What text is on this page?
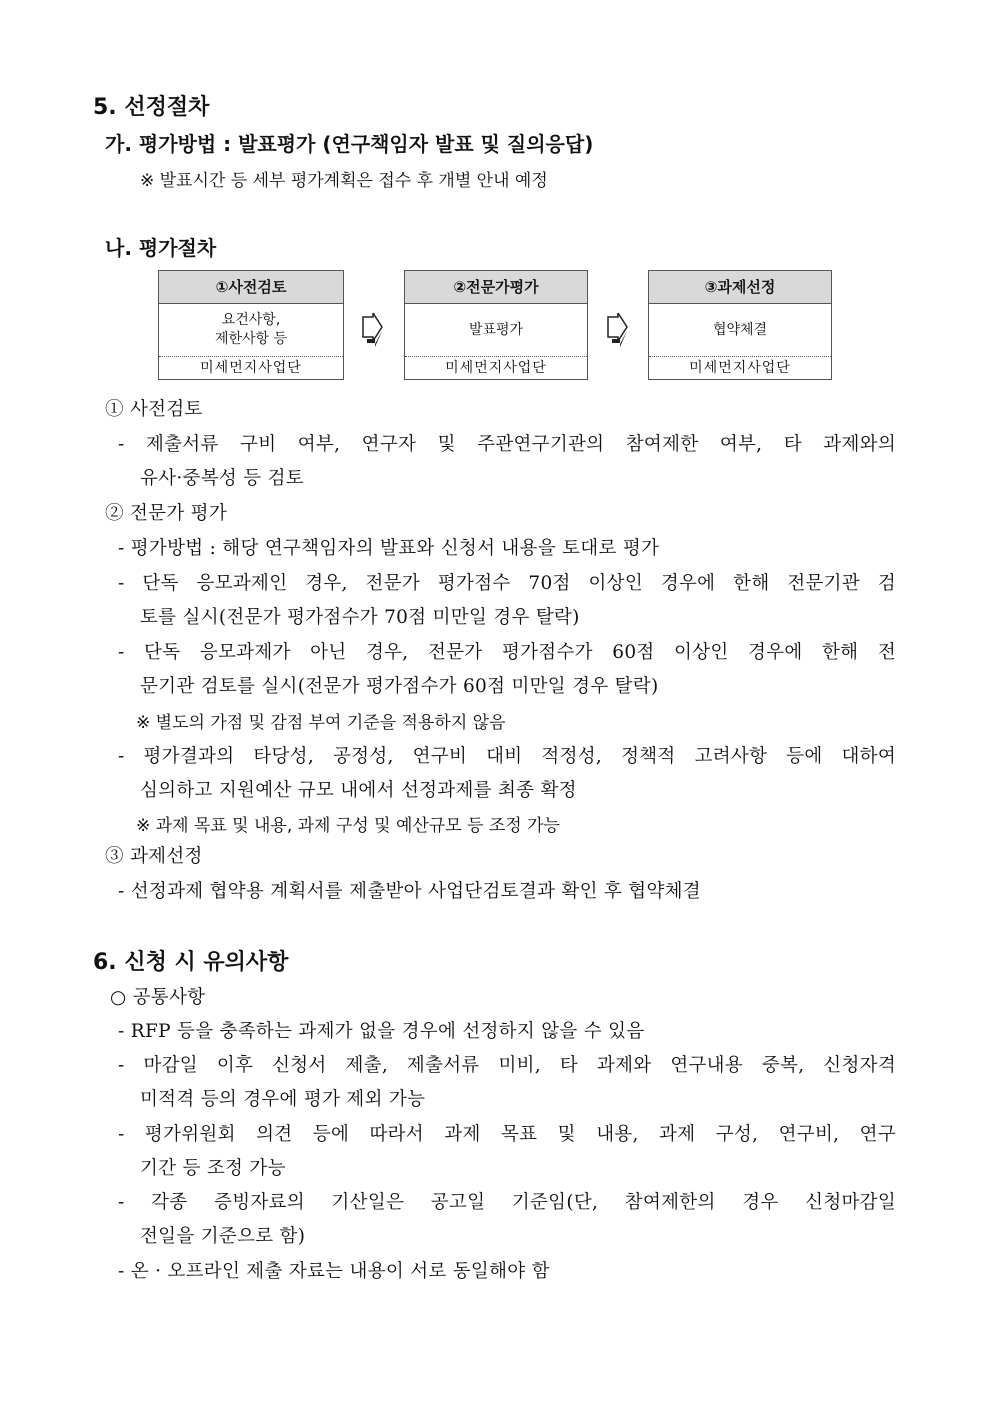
5. 선정절차
가. 평가방법 : 발표평가 (연구책임자 발표 및 질의응답)
※ 발표시간 등 세부 평가계획은 접수 후 개별 안내 예정
나. 평가절차
①사전검토
요건사항,
제한사항 등
미세먼지사업단
②전문가평가
발표평가
미세먼지사업단
③과제선정
협약체결
미세먼지사업단
① 사전검토
- 제출서류 구비 여부, 연구자 및 주관연구기관의 참여제한 여부, 타 과제와의
유사·중복성 등 검토
② 전문가 평가
- 평가방법 : 해당 연구책임자의 발표와 신청서 내용을 토대로 평가
- 단독 응모과제인 경우, 전문가 평가점수 70점 이상인 경우에 한해 전문기관 검
토를 실시(전문가 평가점수가 70점 미만일 경우 탈락)
- 단독 응모과제가 아닌 경우, 전문가 평가점수가 60점 이상인 경우에 한해 전
문기관 검토를 실시(전문가 평가점수가 60점 미만일 경우 탈락)
※ 별도의 가점 및 감점 부여 기준을 적용하지 않음
- 평가결과의 타당성, 공정성, 연구비 대비 적정성, 정책적 고려사항 등에 대하여
심의하고 지원예산 규모 내에서 선정과제를 최종 확정
※ 과제 목표 및 내용, 과제 구성 및 예산규모 등 조정 가능
③ 과제선정
- 선정과제 협약용 계획서를 제출받아 사업단검토결과 확인 후 협약체결
6. 신청 시 유의사항
○ 공통사항
- RFP 등을 충족하는 과제가 없을 경우에 선정하지 않을 수 있음
- 마감일 이후 신청서 제출, 제출서류 미비, 타 과제와 연구내용 중복, 신청자격
미적격 등의 경우에 평가 제외 가능
- 평가위원회 의견 등에 따라서 과제 목표 및 내용, 과제 구성, 연구비, 연구
기간 등 조정 가능
- 각종 증빙자료의 기산일은 공고일 기준임(단, 참여제한의 경우 신청마감일
전일을 기준으로 함)
- 온 · 오프라인 제출 자료는 내용이 서로 동일해야 함
